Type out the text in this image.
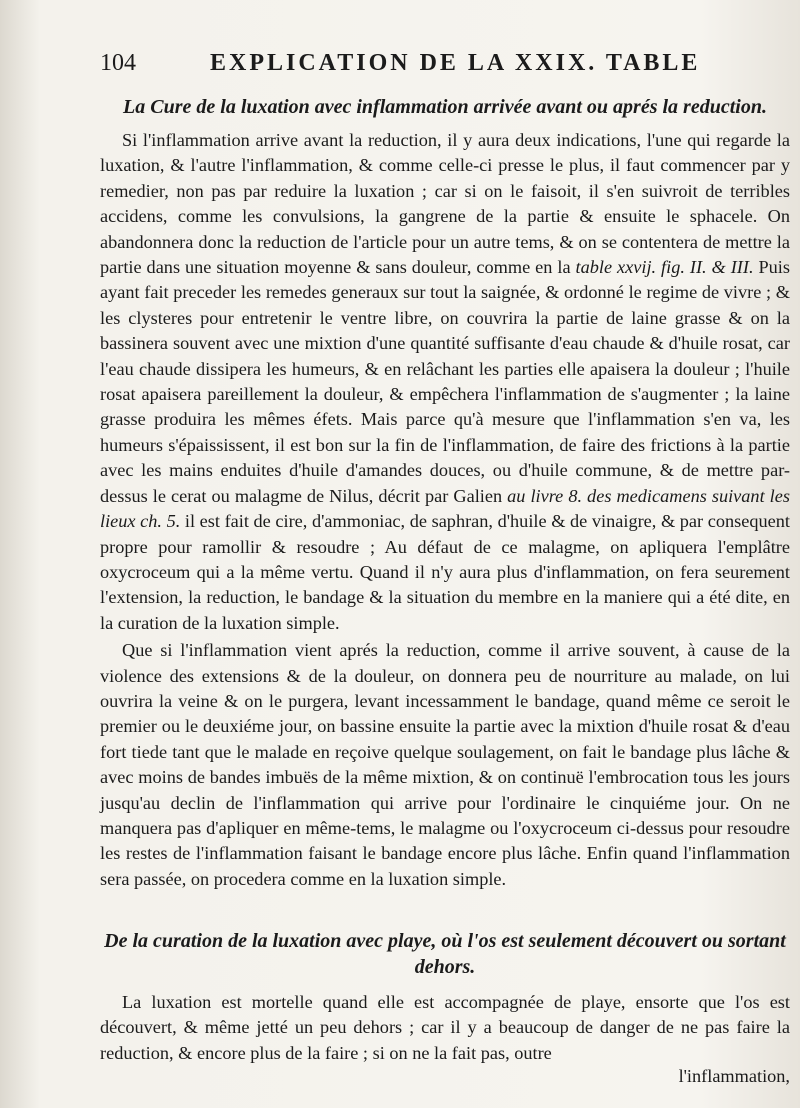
104	EXPLICATION DE LA XXIX. TABLE

La Cure de la luxation avec inflammation arrivée avant ou aprés la reduction.

Si l'inflammation arrive avant la reduction, il y aura deux indications, l'une qui regarde la luxation, & l'autre l'inflammation, & comme celle-ci presse le plus, il faut commencer par y remedier, non pas par reduire la luxation ; car si on le faisoit, il s'en suivroit de terribles accidens, comme les convulsions, la gangrene de la partie & ensuite le sphacele. On abandonnera donc la reduction de l'article pour un autre tems, & on se contentera de mettre la partie dans une situation moyenne & sans douleur, comme en la table xxvij. fig. II. & III. Puis ayant fait preceder les remedes generaux sur tout la saignée, & ordonné le regime de vivre ; & les clysteres pour entretenir le ventre libre, on couvrira la partie de laine grasse & on la bassinera souvent avec une mixtion d'une quantité suffisante d'eau chaude & d'huile rosat, car l'eau chaude dissipera les humeurs, & en relâchant les parties elle apaisera la douleur ; l'huile rosat apaisera pareillement la douleur, & empêchera l'inflammation de s'augmenter ; la laine grasse produira les mêmes éfets. Mais parce qu'à mesure que l'inflammation s'en va, les humeurs s'épaississent, il est bon sur la fin de l'inflammation, de faire des frictions à la partie avec les mains enduites d'huile d'amandes douces, ou d'huile commune, & de mettre par-dessus le cerat ou malagme de Nilus, décrit par Galien au livre 8. des medicamens suivant les lieux ch. 5. il est fait de cire, d'ammoniac, de saphran, d'huile & de vinaigre, & par consequent propre pour ramollir & resoudre ; Au défaut de ce malagme, on apliquera l'emplâtre oxycroceum qui a la même vertu. Quand il n'y aura plus d'inflammation, on fera seurement l'extension, la reduction, le bandage & la situation du membre en la maniere qui a été dite, en la curation de la luxation simple.

Que si l'inflammation vient aprés la reduction, comme il arrive souvent, à cause de la violence des extensions & de la douleur, on donnera peu de nourriture au malade, on lui ouvrira la veine & on le purgera, levant incessamment le bandage, quand même ce seroit le premier ou le deuxiéme jour, on bassine ensuite la partie avec la mixtion d'huile rosat & d'eau fort tiede tant que le malade en reçoive quelque soulagement, on fait le bandage plus lâche & avec moins de bandes imbuës de la même mixtion, & on continuë l'embrocation tous les jours jusqu'au declin de l'inflammation qui arrive pour l'ordinaire le cinquiéme jour. On ne manquera pas d'apliquer en même-tems, le malagme ou l'oxycroceum ci-dessus pour resoudre les restes de l'inflammation faisant le bandage encore plus lâche. Enfin quand l'inflammation sera passée, on procedera comme en la luxation simple.

De la curation de la luxation avec playe, où l'os est seulement découvert ou sortant dehors.

La luxation est mortelle quand elle est accompagnée de playe, ensorte que l'os est découvert, & même jetté un peu dehors ; car il y a beaucoup de danger de ne pas faire la reduction, & encore plus de la faire ; si on ne la fait pas, outre

l'inflammation,
